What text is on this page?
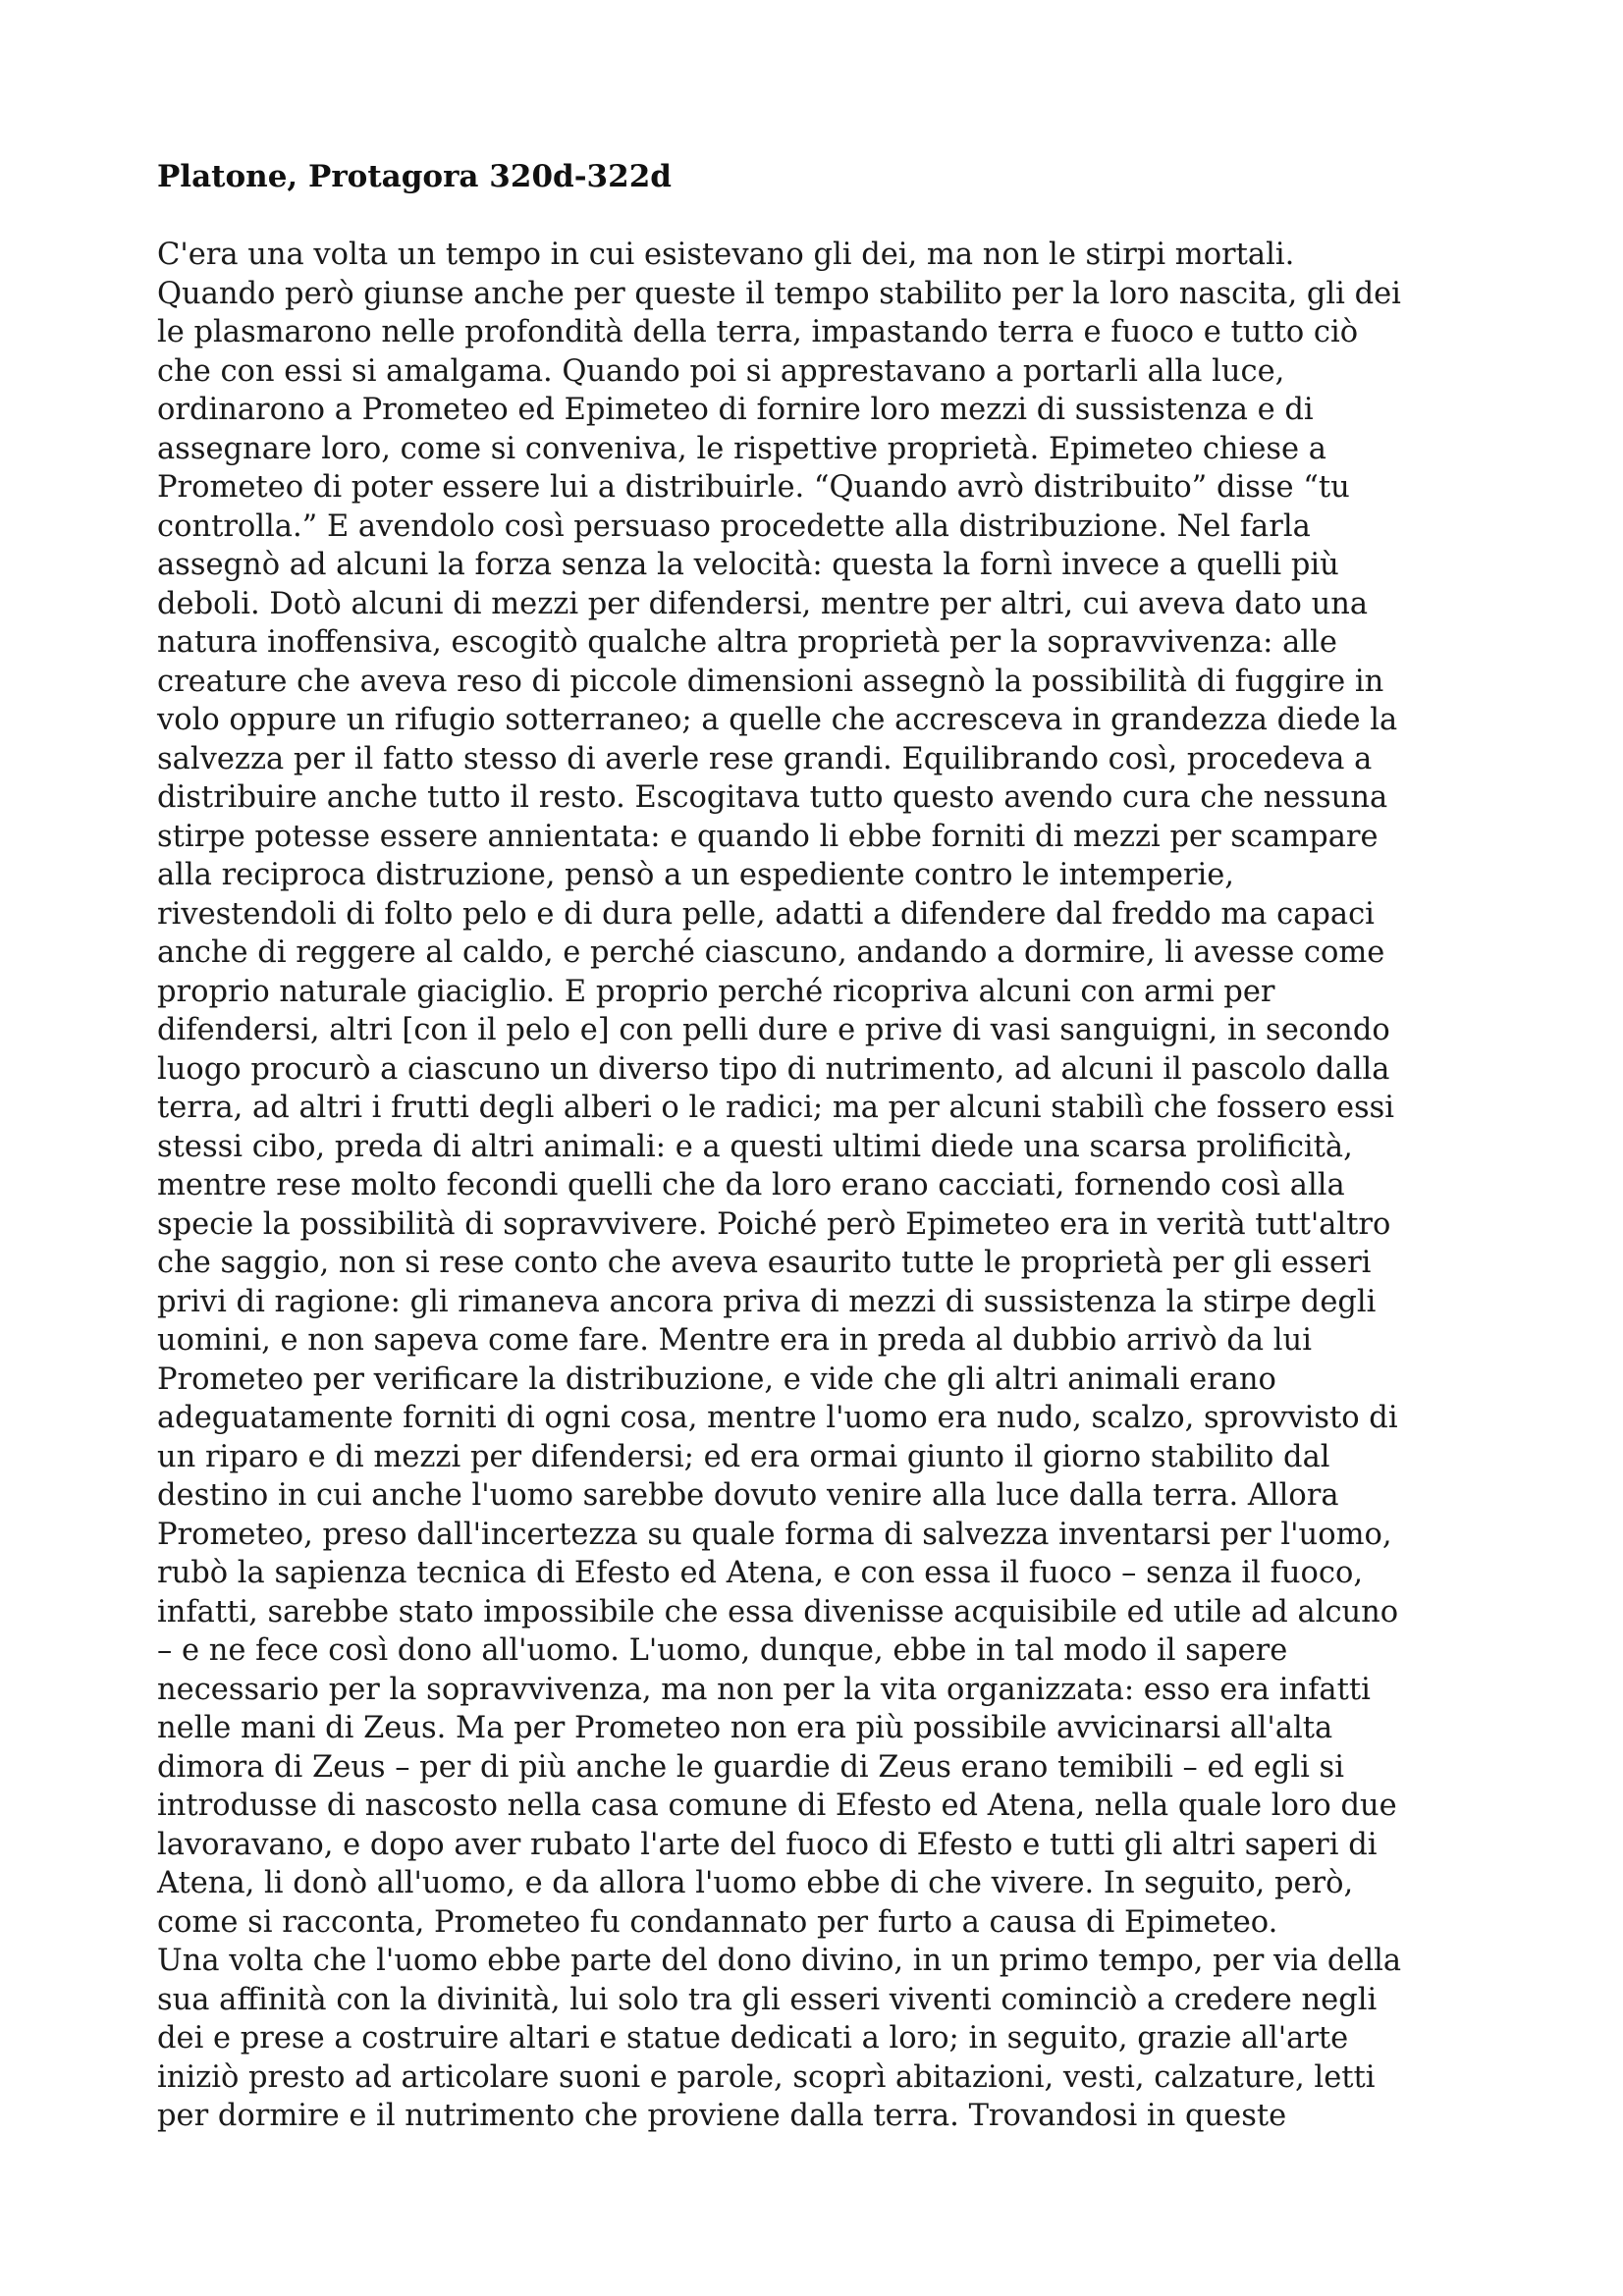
Platone, Protagora 320d-322d
C'era una volta un tempo in cui esistevano gli dei, ma non le stirpi mortali.
Quando però giunse anche per queste il tempo stabilito per la loro nascita, gli dei
le plasmarono nelle profondità della terra, impastando terra e fuoco e tutto ciò
che con essi si amalgama. Quando poi si apprestavano a portarli alla luce,
ordinarono a Prometeo ed Epimeteo di fornire loro mezzi di sussistenza e di
assegnare loro, come si conveniva, le rispettive proprietà. Epimeteo chiese a
Prometeo di poter essere lui a distribuirle. “Quando avrò distribuito” disse “tu
controlla.” E avendolo così persuaso procedette alla distribuzione. Nel farla
assegnò ad alcuni la forza senza la velocità: questa la fornì invece a quelli più
deboli. Dotò alcuni di mezzi per difendersi, mentre per altri, cui aveva dato una
natura inoffensiva, escogitò qualche altra proprietà per la sopravvivenza: alle
creature che aveva reso di piccole dimensioni assegnò la possibilità di fuggire in
volo oppure un rifugio sotterraneo; a quelle che accresceva in grandezza diede la
salvezza per il fatto stesso di averle rese grandi. Equilibrando così, procedeva a
distribuire anche tutto il resto. Escogitava tutto questo avendo cura che nessuna
stirpe potesse essere annientata: e quando li ebbe forniti di mezzi per scampare
alla reciproca distruzione, pensò a un espediente contro le intemperie,
rivestendoli di folto pelo e di dura pelle, adatti a difendere dal freddo ma capaci
anche di reggere al caldo, e perché ciascuno, andando a dormire, li avesse come
proprio naturale giaciglio. E proprio perché ricopriva alcuni con armi per
difendersi, altri [con il pelo e] con pelli dure e prive di vasi sanguigni, in secondo
luogo procurò a ciascuno un diverso tipo di nutrimento, ad alcuni il pascolo dalla
terra, ad altri i frutti degli alberi o le radici; ma per alcuni stabilì che fossero essi
stessi cibo, preda di altri animali: e a questi ultimi diede una scarsa prolificità,
mentre rese molto fecondi quelli che da loro erano cacciati, fornendo così alla
specie la possibilità di sopravvivere. Poiché però Epimeteo era in verità tutt'altro
che saggio, non si rese conto che aveva esaurito tutte le proprietà per gli esseri
privi di ragione: gli rimaneva ancora priva di mezzi di sussistenza la stirpe degli
uomini, e non sapeva come fare. Mentre era in preda al dubbio arrivò da lui
Prometeo per verificare la distribuzione, e vide che gli altri animali erano
adeguatamente forniti di ogni cosa, mentre l'uomo era nudo, scalzo, sprovvisto di
un riparo e di mezzi per difendersi; ed era ormai giunto il giorno stabilito dal
destino in cui anche l'uomo sarebbe dovuto venire alla luce dalla terra. Allora
Prometeo, preso dall'incertezza su quale forma di salvezza inventarsi per l'uomo,
rubò la sapienza tecnica di Efesto ed Atena, e con essa il fuoco – senza il fuoco,
infatti, sarebbe stato impossibile che essa divenisse acquisibile ed utile ad alcuno
– e ne fece così dono all'uomo. L'uomo, dunque, ebbe in tal modo il sapere
necessario per la sopravvivenza, ma non per la vita organizzata: esso era infatti
nelle mani di Zeus. Ma per Prometeo non era più possibile avvicinarsi all'alta
dimora di Zeus – per di più anche le guardie di Zeus erano temibili – ed egli si
introdusse di nascosto nella casa comune di Efesto ed Atena, nella quale loro due
lavoravano, e dopo aver rubato l'arte del fuoco di Efesto e tutti gli altri saperi di
Atena, li donò all'uomo, e da allora l'uomo ebbe di che vivere. In seguito, però,
come si racconta, Prometeo fu condannato per furto a causa di Epimeteo.
Una volta che l'uomo ebbe parte del dono divino, in un primo tempo, per via della
sua affinità con la divinità, lui solo tra gli esseri viventi cominciò a credere negli
dei e prese a costruire altari e statue dedicati a loro; in seguito, grazie all'arte
iniziò presto ad articolare suoni e parole, scoprì abitazioni, vesti, calzature, letti
per dormire e il nutrimento che proviene dalla terra. Trovandosi in queste
